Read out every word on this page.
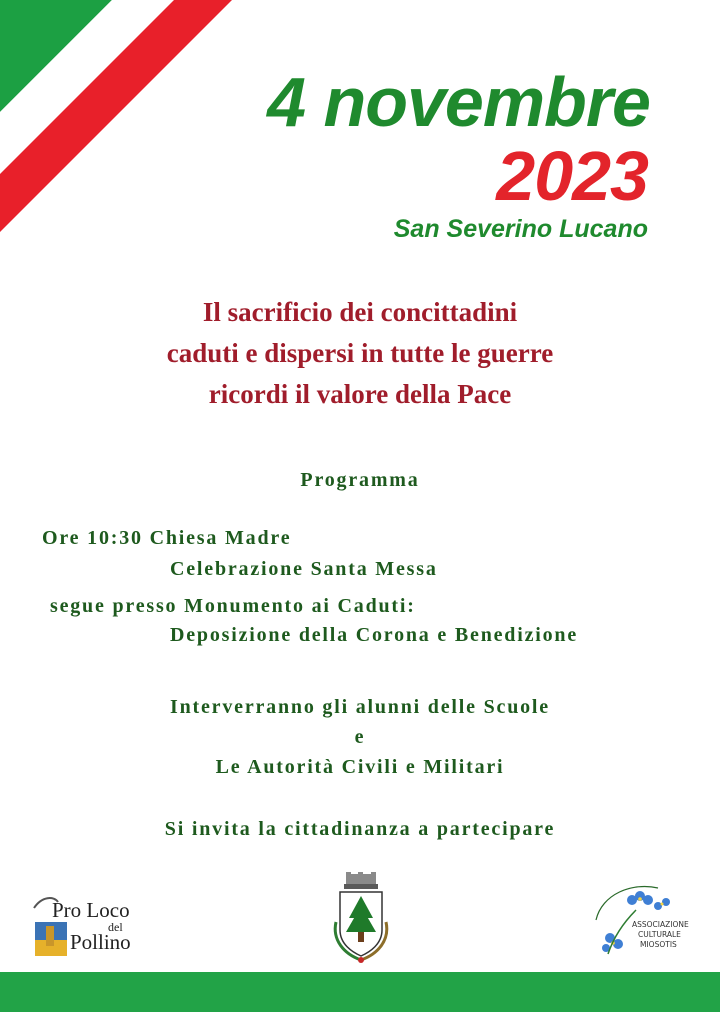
4 novembre
2023
San Severino Lucano
Il sacrificio dei concittadini
caduti e dispersi in tutte le guerre
ricordi il valore della Pace
Programma
Ore 10:30 Chiesa Madre
Celebrazione Santa Messa
segue presso Monumento ai Caduti:
Deposizione della Corona e Benedizione
Interverranno gli alunni delle Scuole
e
Le Autorità Civili e Militari
Si invita la cittadinanza a partecipare
Pro Loco
del
Pollino
ASSOCIAZIONE
CULTURALE
MIOSOTIS
